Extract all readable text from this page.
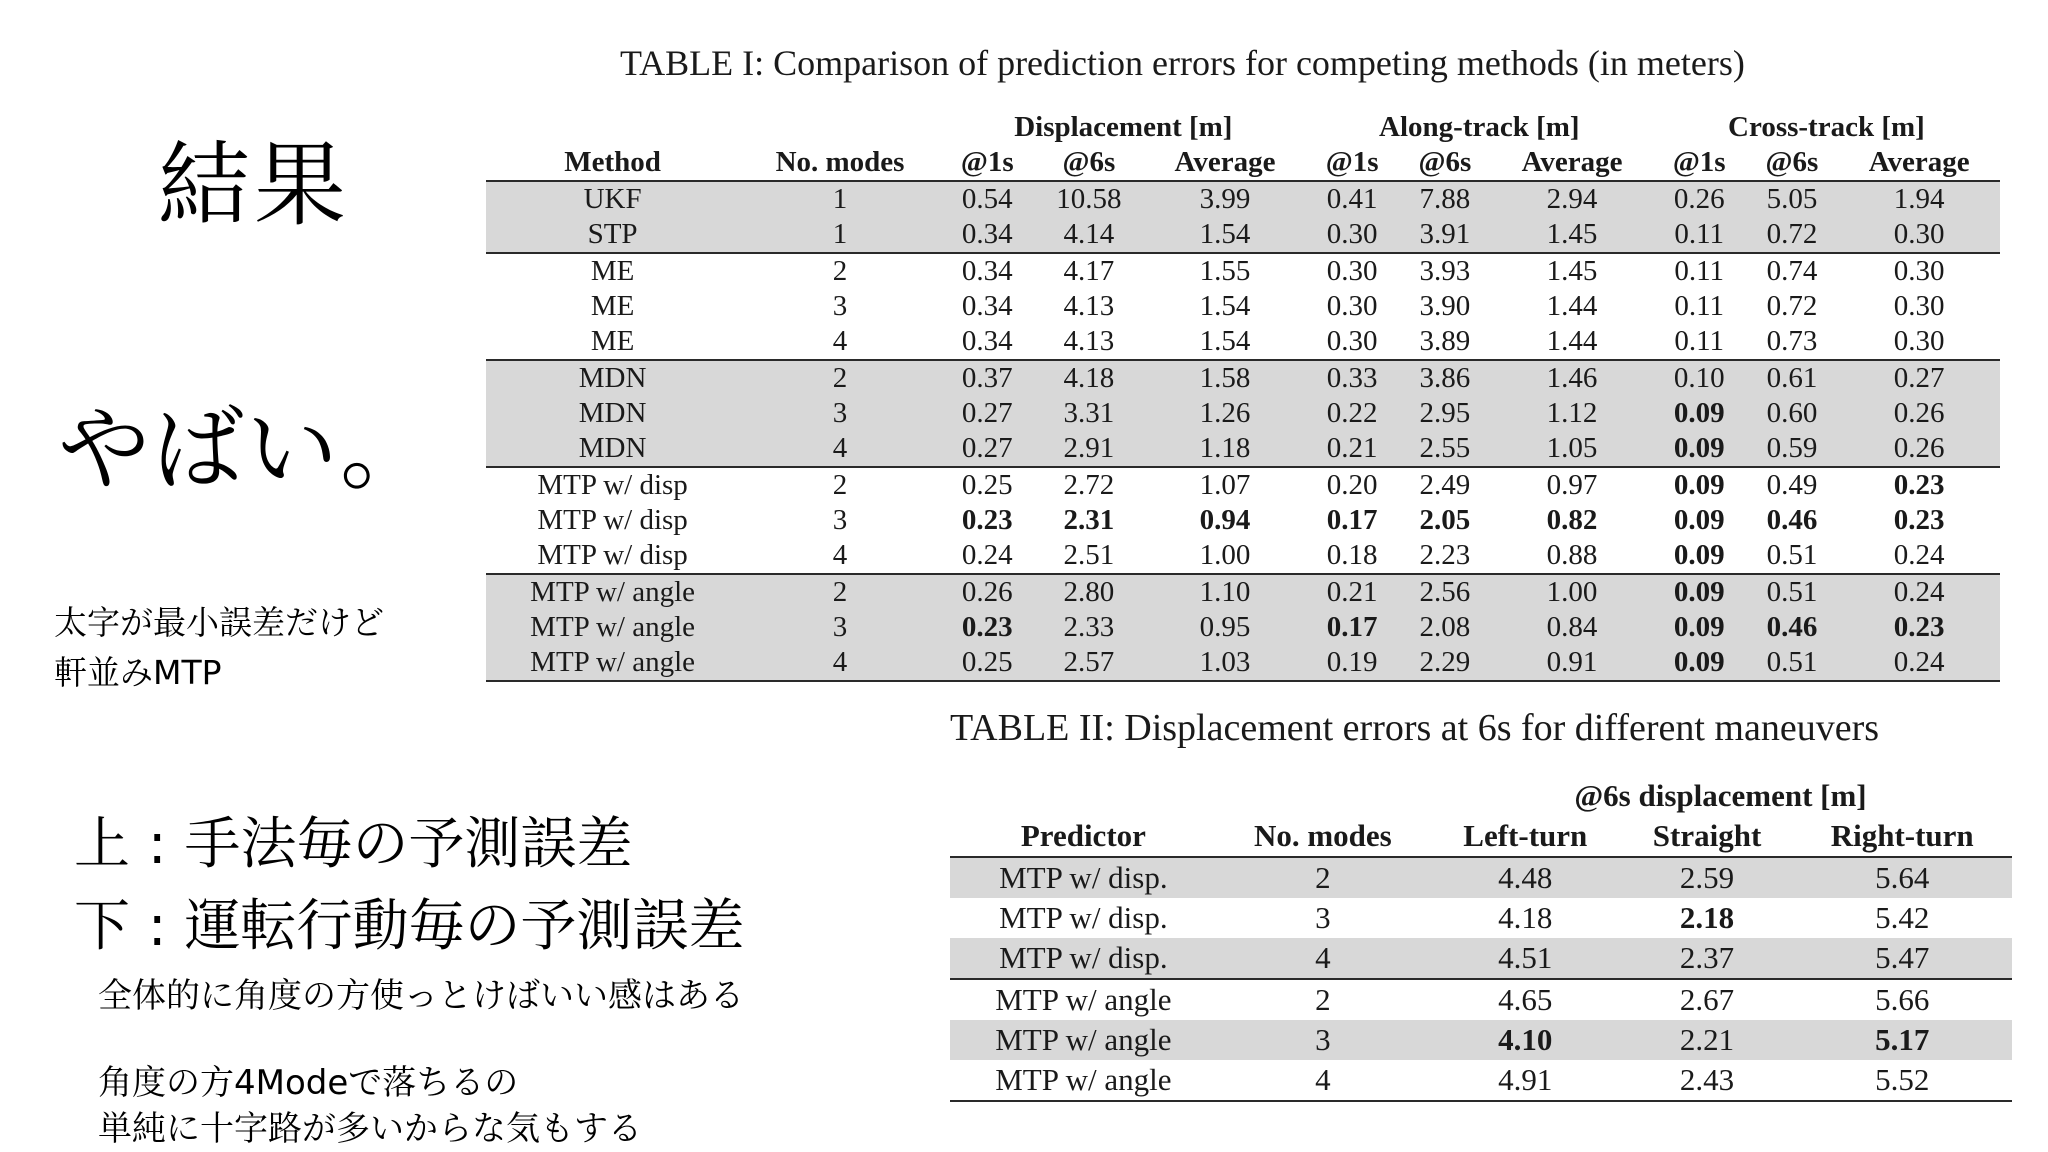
結果
やばい。
太字が最小誤差だけど
軒並みMTP
上 : 手法毎の予測誤差
下 : 運転行動毎の予測誤差
全体的に角度の方使っとけばいい感はある
角度の方4Modeで落ちるの
単純に十字路が多いからな気もする
TABLE I: Comparison of prediction errors for competing methods (in meters)
		Displacement [m]			Along-track [m]			Cross-track [m]		
Method	No. modes	@1s	@6s	Average	@1s	@6s	Average	@1s	@6s	Average
UKF	1	0.54	10.58	3.99	0.41	7.88	2.94	0.26	5.05	1.94
STP	1	0.34	4.14	1.54	0.30	3.91	1.45	0.11	0.72	0.30
ME	2	0.34	4.17	1.55	0.30	3.93	1.45	0.11	0.74	0.30
ME	3	0.34	4.13	1.54	0.30	3.90	1.44	0.11	0.72	0.30
ME	4	0.34	4.13	1.54	0.30	3.89	1.44	0.11	0.73	0.30
MDN	2	0.37	4.18	1.58	0.33	3.86	1.46	0.10	0.61	0.27
MDN	3	0.27	3.31	1.26	0.22	2.95	1.12	0.09	0.60	0.26
MDN	4	0.27	2.91	1.18	0.21	2.55	1.05	0.09	0.59	0.26
MTP w/ disp	2	0.25	2.72	1.07	0.20	2.49	0.97	0.09	0.49	0.23
MTP w/ disp	3	0.23	2.31	0.94	0.17	2.05	0.82	0.09	0.46	0.23
MTP w/ disp	4	0.24	2.51	1.00	0.18	2.23	0.88	0.09	0.51	0.24
MTP w/ angle	2	0.26	2.80	1.10	0.21	2.56	1.00	0.09	0.51	0.24
MTP w/ angle	3	0.23	2.33	0.95	0.17	2.08	0.84	0.09	0.46	0.23
MTP w/ angle	4	0.25	2.57	1.03	0.19	2.29	0.91	0.09	0.51	0.24
TABLE II: Displacement errors at 6s for different maneuvers
		@6s displacement [m]		
Predictor	No. modes	Left-turn	Straight	Right-turn
MTP w/ disp.	2	4.48	2.59	5.64
MTP w/ disp.	3	4.18	2.18	5.42
MTP w/ disp.	4	4.51	2.37	5.47
MTP w/ angle	2	4.65	2.67	5.66
MTP w/ angle	3	4.10	2.21	5.17
MTP w/ angle	4	4.91	2.43	5.52
